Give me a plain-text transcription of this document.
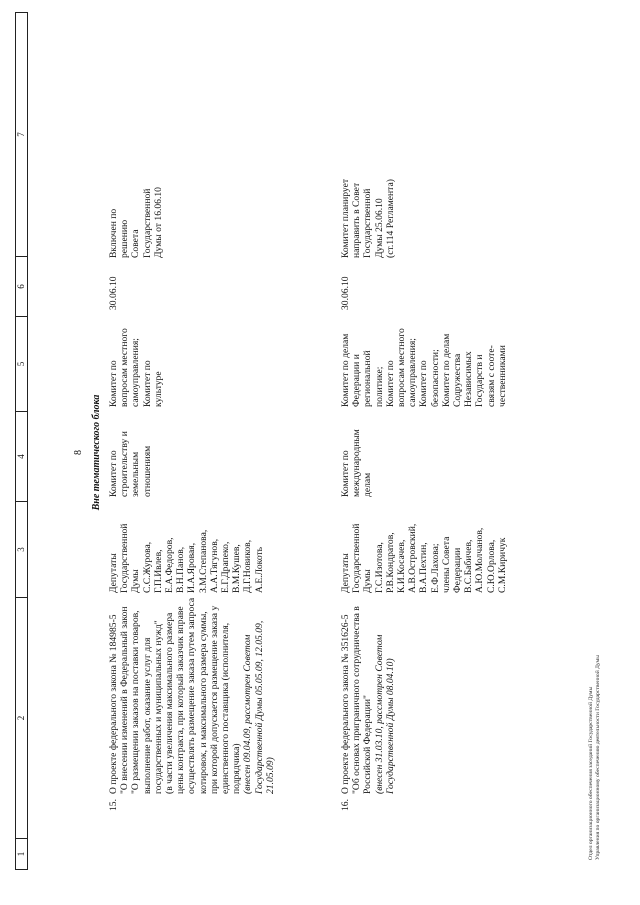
8
1
2
3
4
5
6
7
Вне тематического блока
15.
О проекте федерального закона № 184985-5 "О внесении изменений в Федеральный закон "О размещении заказов на поставки товаров, выполнение работ, оказание услуг для государственных и муниципальных нужд" (в части увеличения максимального размера цены контракта, при который заказчик вправе осуществлять размещение заказа путем запроса котировок, и максимального размера суммы, при которой допускается размещение заказа у единственного поставщика (исполнителя, подрядчика) (внесен 09.04.09, рассмотрен Советом Государственной Думы 05.05.09, 12.05.09, 21.05.09)
Депутаты Государственной Думы С.С.Журова, Г.П.Ивлев, Е.А.Федоров, В.Н.Панов, И.А.Яровая, З.М.Степанова, А.А.Тягунов, Е.Г.Драпеко, В.М.Кушев, Д.Г.Новиков, А.Е.Локоть
Комитет по строительству и земельным отношениям
Комитет по вопросам местного самоуправления; Комитет по культуре
30.06.10
Включен по решению Совета Государственной Думы от 16.06.10
16.
О проекте федерального закона № 351626-5 "Об основах приграничного сотрудничества в Российской Федерации" (внесен 31.03.10, рассмотрен Советом Государственной Думы 08.04.10)
Депутаты Государственной Думы Г.С.Изотова, Р.В.Кондратов, К.И.Косачев, А.В.Островский, В.А.Пехтин, Е.Ф.Лахова; члены Совета Федерации В.С.Бабичев, А.Ю.Молчанов, С.Ю.Орлова, С.М.Киричук
Комитет по международным делам
Комитет по делам Федерации и региональной политике; Комитет по вопросам местного самоуправления; Комитет по безопасности; Комитет по делам Содружества Независимых Государств и связям с соотe- чественниками
30.06.10
Комитет планирует направить в Совет Государственной Думы 25.06.10 (ст.114 Регламента)
Отдел организационного обеспечения заседаний Государственной Думы Управления по организационному обеспечению деятельности Государственной Думы
